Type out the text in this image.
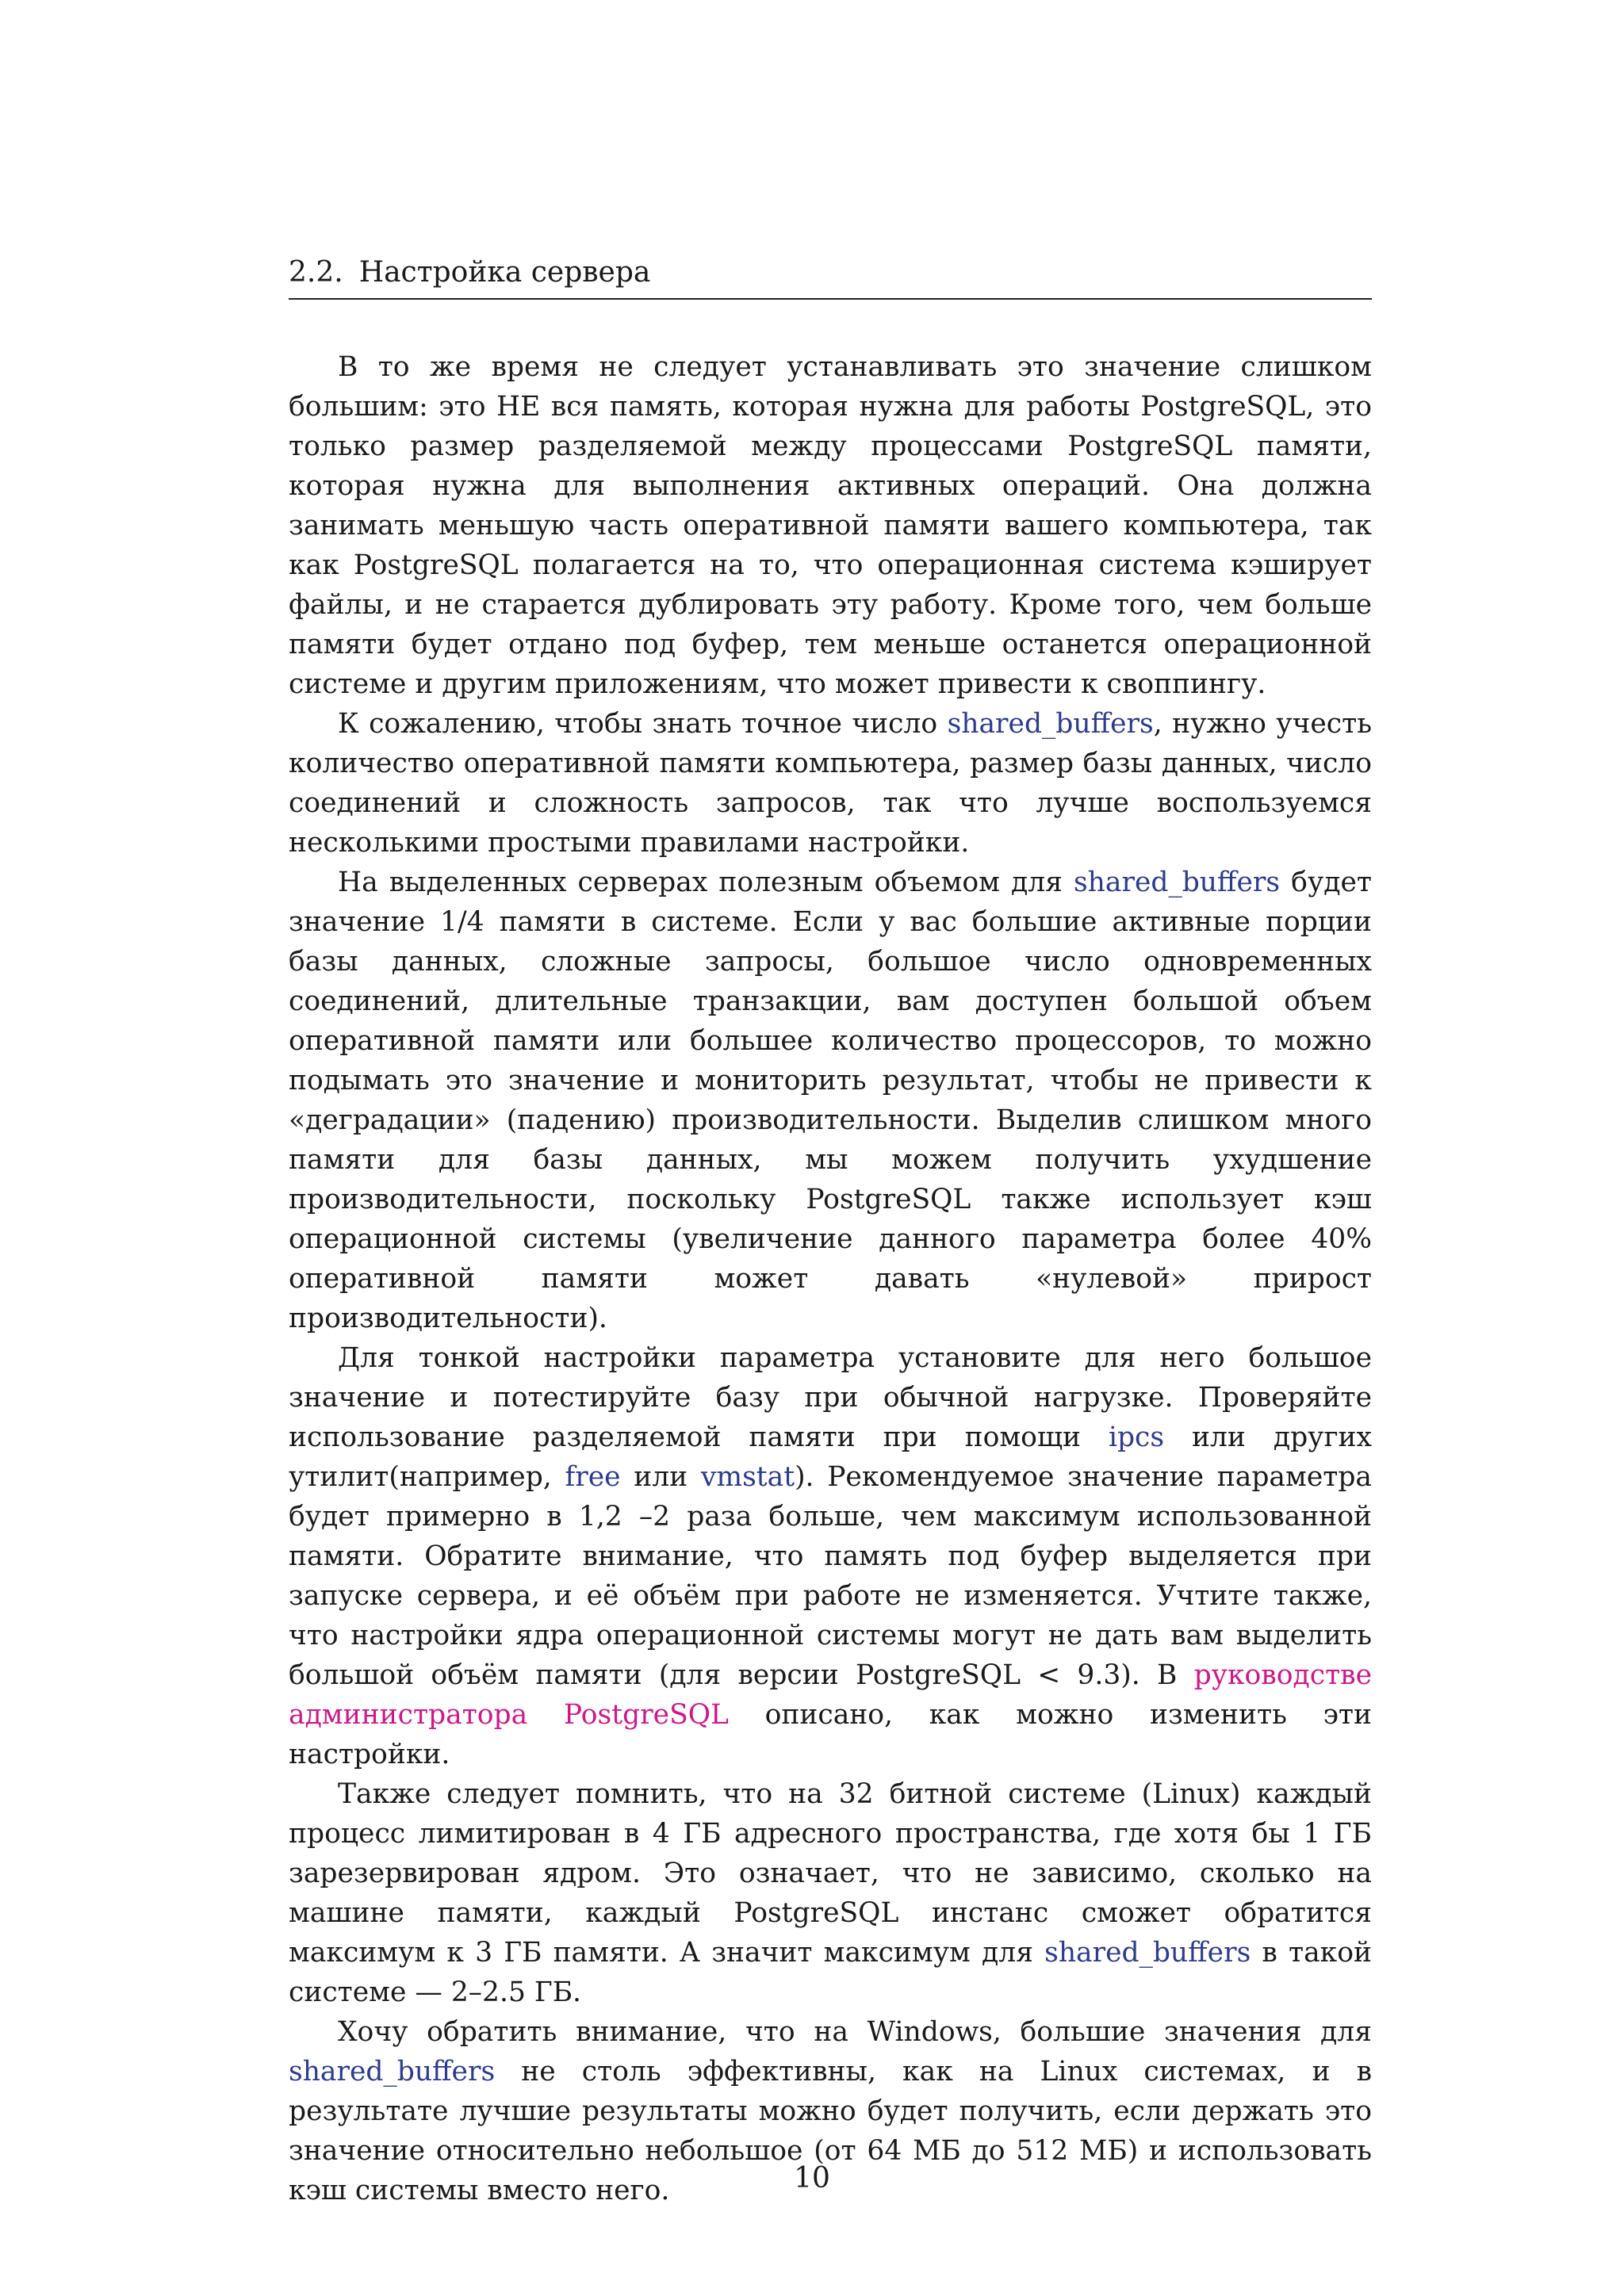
2.2. Настройка сервера

В то же время не следует устанавливать это значение слишком большим: это НЕ вся память, которая нужна для работы PostgreSQL, это только размер разделяемой между процессами PostgreSQL памяти, которая нужна для выполнения активных операций. Она должна занимать меньшую часть оперативной памяти вашего компьютера, так как PostgreSQL полагается на то, что операционная система кэширует файлы, и не старается дублировать эту работу. Кроме того, чем больше памяти будет отдано под буфер, тем меньше останется операционной системе и другим приложениям, что может привести к своппингу.

К сожалению, чтобы знать точное число shared_buffers, нужно учесть количество оперативной памяти компьютера, размер базы данных, число соединений и сложность запросов, так что лучше воспользуемся несколькими простыми правилами настройки.

На выделенных серверах полезным объемом для shared_buffers будет значение 1/4 памяти в системе. Если у вас большие активные порции базы данных, сложные запросы, большое число одновременных соединений, длительные транзакции, вам доступен большой объем оперативной памяти или большее количество процессоров, то можно подымать это значение и мониторить результат, чтобы не привести к «деградации» (падению) производительности. Выделив слишком много памяти для базы данных, мы можем получить ухудшение производительности, поскольку PostgreSQL также использует кэш операционной системы (увеличение данного параметра более 40% оперативной памяти может давать «нулевой» прирост производительности).

Для тонкой настройки параметра установите для него большое значение и потестируйте базу при обычной нагрузке. Проверяйте использование разделяемой памяти при помощи ipcs или других утилит(например, free или vmstat). Рекомендуемое значение параметра будет примерно в 1,2 –2 раза больше, чем максимум использованной памяти. Обратите внимание, что память под буфер выделяется при запуске сервера, и её объём при работе не изменяется. Учтите также, что настройки ядра операционной системы могут не дать вам выделить большой объём памяти (для версии PostgreSQL < 9.3). В руководстве администратора PostgreSQL описано, как можно изменить эти настройки.

Также следует помнить, что на 32 битной системе (Linux) каждый процесс лимитирован в 4 ГБ адресного пространства, где хотя бы 1 ГБ зарезервирован ядром. Это означает, что не зависимо, сколько на машине памяти, каждый PostgreSQL инстанс сможет обратится максимум к 3 ГБ памяти. А значит максимум для shared_buffers в такой системе — 2–2.5 ГБ.

Хочу обратить внимание, что на Windows, большие значения для shared_buffers не столь эффективны, как на Linux системах, и в результате лучшие результаты можно будет получить, если держать это значение относительно небольшое (от 64 МБ до 512 МБ) и использовать кэш системы вместо него.	10
